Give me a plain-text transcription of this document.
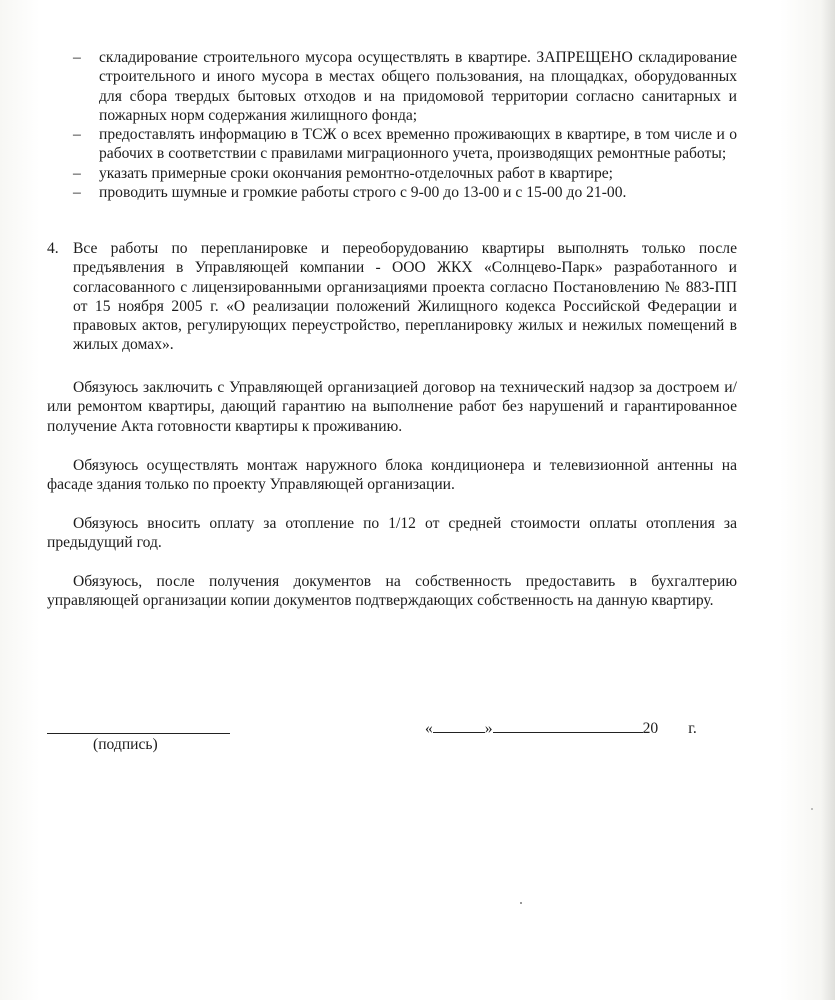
– складирование строительного мусора осуществлять в квартире. ЗАПРЕЩЕНО складирование строительного и иного мусора в местах общего пользования, на площадках, оборудованных для сбора твердых бытовых отходов и на придомовой территории согласно санитарных и пожарных норм содержания жилищного фонда;

– предоставлять информацию в ТСЖ о всех временно проживающих в квартире, в том числе и о рабочих в соответствии с правилами миграционного учета, производящих ремонтные работы;

– указать примерные сроки окончания ремонтно-отделочных работ в квартире;

– проводить шумные и громкие работы строго с 9-00 до 13-00 и с 15-00 до 21-00.

4. Все работы по перепланировке и переоборудованию квартиры выполнять только после предъявления в Управляющей компании - ООО ЖКХ «Солнцево-Парк» разработанного и согласованного с лицензированными организациями проекта согласно Постановлению № 883-ПП от 15 ноября 2005 г. «О реализации положений Жилищного кодекса Российской Федерации и правовых актов, регулирующих переустройство, перепланировку жилых и нежилых помещений в жилых домах».
Обязуюсь заключить с Управляющей организацией договор на технический надзор за достроем и/или ремонтом квартиры, дающий гарантию на выполнение работ без нарушений и гарантированное получение Акта готовности квартиры к проживанию.
Обязуюсь осуществлять монтаж наружного блока кондиционера и телевизионной антенны на фасаде здания только по проекту Управляющей организации.
Обязуюсь вносить оплату за отопление по 1/12 от средней стоимости оплаты отопления за предыдущий год.
Обязуюсь, после получения документов на собственность предоставить в бухгалтерию управляющей организации копии документов подтверждающих собственность на данную квартиру.
(подпись)
«	»	20 г.
